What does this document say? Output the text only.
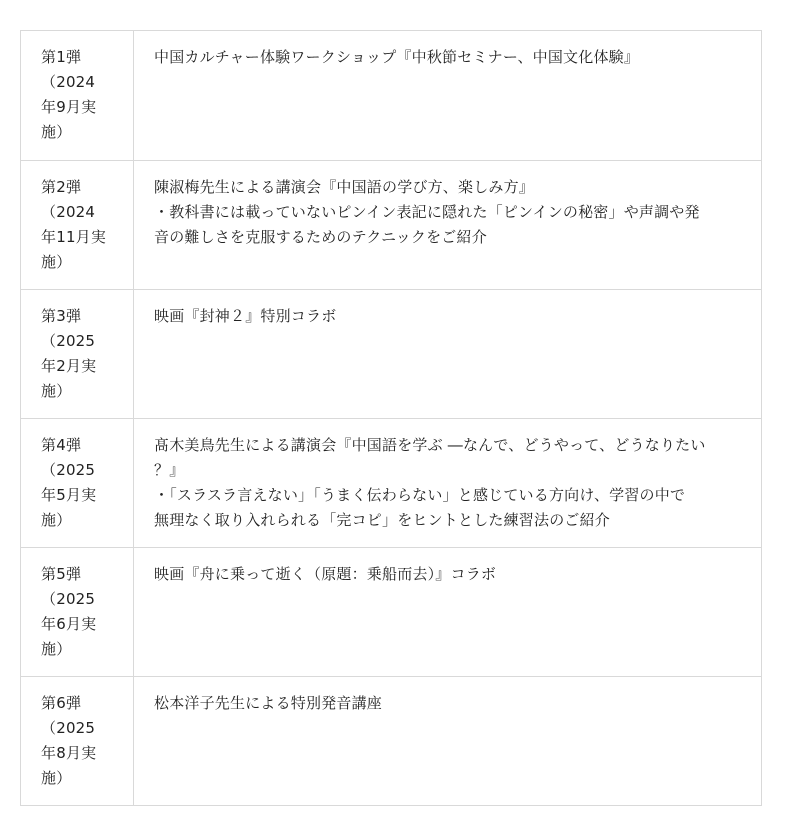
第1弾
（2024
年9月実
施）	中国カルチャー体験ワークショップ『中秋節セミナー、中国文化体験』

第2弾
（2024
年11月実
施）	陳淑梅先生による講演会『中国語の学び方、楽しみ方』
・教科書には載っていないピンイン表記に隠れた「ピンインの秘密」や声調や発
音の難しさを克服するためのテクニックをご紹介

第3弾
（2025
年2月実
施）	映画『封神２』特別コラボ

第4弾
（2025
年5月実
施）	髙木美鳥先生による講演会『中国語を学ぶ ―なんで、どうやって、どうなりたい
？』
・「スラスラ言えない」「うまく伝わらない」と感じている方向け、学習の中で
無理なく取り入れられる「完コピ」をヒントとした練習法のご紹介

第5弾
（2025
年6月実
施）	映画『舟に乗って逝く（原題：乗船而去）』コラボ

第6弾
（2025
年8月実
施）	松本洋子先生による特別発音講座
